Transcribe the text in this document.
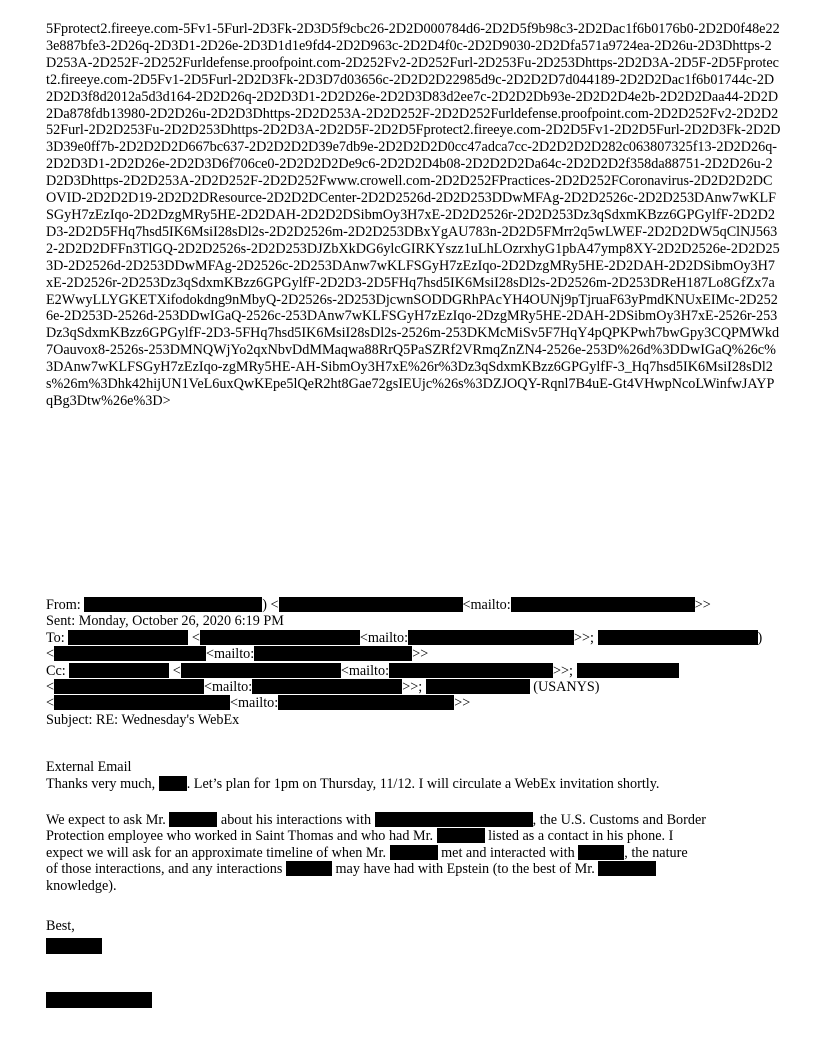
5Fprotect2.fireeye.com-5Fv1-5Furl-2D3Fk-2D3D5f9cbc26-2D2D000784d6-2D2D5f9b98c3-2D2Dac1f6b0176b0-2D2D0f48e223e887bfe3-2D26q-2D3D1-2D26e-2D3D1d1e9fd4-2D2D963c-2D2D4f0c-2D2D9030-2D2Dfa571a9724ea-2D26u-2D3Dhttps-2D253A-2D252F-2D252Furldefense.proofpoint.com-2D252Fv2-2D252Furl-2D253Fu-2D253Dhttps-2D2D3A-2D5F-2D5Fprotect2.fireeye.com-2D5Fv1-2D5Furl-2D2D3Fk-2D3D7d03656c-2D2D2D22985d9c-2D2D2D7d044189-2D2D2Dac1f6b01744c-2D2D2D3f8d2012a5d3d164-2D2D26q-2D2D3D1-2D2D26e-2D2D3D83d2ee7c-2D2D2Db93e-2D2D2D4e2b-2D2D2Daa44-2D2D2Da878fdb13980-2D2D26u-2D2D3Dhttps-2D2D253A-2D2D252F-2D2D252Furldefense.proofpoint.com-2D2D252Fv2-2D2D252Furl-2D2D253Fu-2D2D253Dhttps-2D2D3A-2D2D5F-2D2D5Fprotect2.fireeye.com-2D2D5Fv1-2D2D5Furl-2D2D3Fk-2D2D3D39e0ff7b-2D2D2D2D667bc637-2D2D2D2D39e7db9e-2D2D2D2D0cc47adca7cc-2D2D2D2D282c063807325f13-2D2D26q-2D2D3D1-2D2D26e-2D2D3D6f706ce0-2D2D2D2De9c6-2D2D2D4b08-2D2D2D2Da64c-2D2D2D2f358da88751-2D2D26u-2D2D3Dhttps-2D2D253A-2D2D252F-2D2D252Fwww.crowell.com-2D2D252FPractices-2D2D252FCoronavirus-2D2D2D2DCOVID-2D2D2D19-2D2D2DResource-2D2D2DCenter-2D2D2526d-2D2D253DDwMFAg-2D2D2526c-2D2D253DAnw7wKLFSGyH7zEzIqo-2D2DzgMRy5HE-2D2DAH-2D2D2DSibmOy3H7xE-2D2D2526r-2D2D253Dz3qSdxmKBzz6GPGylfF-2D2D2D3-2D2D5FHq7hsd5IK6MsiI28sDl2s-2D2D2526m-2D2D253DBxYgAU783n-2D2D5FMrr2q5wLWEF-2D2D2DW5qClNJ5632-2D2D2DFFn3TlGQ-2D2D2526s-2D2D253DJZbXkDG6ylcGIRKYszz1uLhLOzrxhyG1pbA47ymp8XY-2D2D2526e-2D2D253D-2D2526d-2D253DDwMFAg-2D2526c-2D253DAnw7wKLFSGyH7zEzIqo-2D2DzgMRy5HE-2D2DAH-2D2DSibmOy3H7xE-2D2526r-2D253Dz3qSdxmKBzz6GPGylfF-2D2D3-2D5FHq7hsd5IK6MsiI28sDl2s-2D2526m-2D253DReH187Lo8GfZx7aE2WwyLLYGKETXifodokdng9nMbyQ-2D2526s-2D253DjcwnSODDGRhPAcYH4OUNj9pTjruaF63yPmdKNUxEIMc-2D2526e-2D253D-2526d-253DDwIGaQ-2526c-253DAnw7wKLFSGyH7zEzIqo-2DzgMRy5HE-2DAH-2DSibmOy3H7xE-2526r-253Dz3qSdxmKBzz6GPGylfF-2D3-5FHq7hsd5IK6MsiI28sDl2s-2526m-253DKMcMiSv5F7HqY4pQPKPwh7bwGpy3CQPMWkd7Oauvox8-2526s-253DMNQWjYo2qxNbvDdMMaqwa88RrQ5PaSZRf2VRmqZnZN4-2526e-253D%26d%3DDwIGaQ%26c%3DAnw7wKLFSGyH7zEzIqo-zgMRy5HE-AH-SibmOy3H7xE%26r%3Dz3qSdxmKBzz6GPGylfF-3_Hq7hsd5IK6MsiI28sDl2s%26m%3Dhk42hijUN1VeL6uxQwKEpe5lQeR2ht8Gae72gsIEUjc%26s%3DZJOQY-Rqnl7B4uE-Gt4VHwpNcoLWinfwJAYPqBg3Dtw%26e%3D>

From:	) <	<mailto:	>>
Sent: Monday, October 26, 2020 6:19 PM
To:	<	<mailto:	>>;	)
<	<mailto:	>>
Cc:	<	<mailto:	>>;
<	<mailto:	>>;	(USANYS)
<	<mailto:	>>
Subject: RE: Wednesday's WebEx
External Email
Thanks very much, . Let’s plan for 1pm on Thursday, 11/12. I will circulate a WebEx invitation shortly.
We expect to ask Mr.	about his interactions with	, the U.S. Customs and Border
Protection employee who worked in Saint Thomas and who had Mr.	listed as a contact in his phone. I
expect we will ask for an approximate timeline of when Mr.	met and interacted with	, the nature
of those interactions, and any interactions	may have had with Epstein (to the best of Mr.
knowledge).
Best,
